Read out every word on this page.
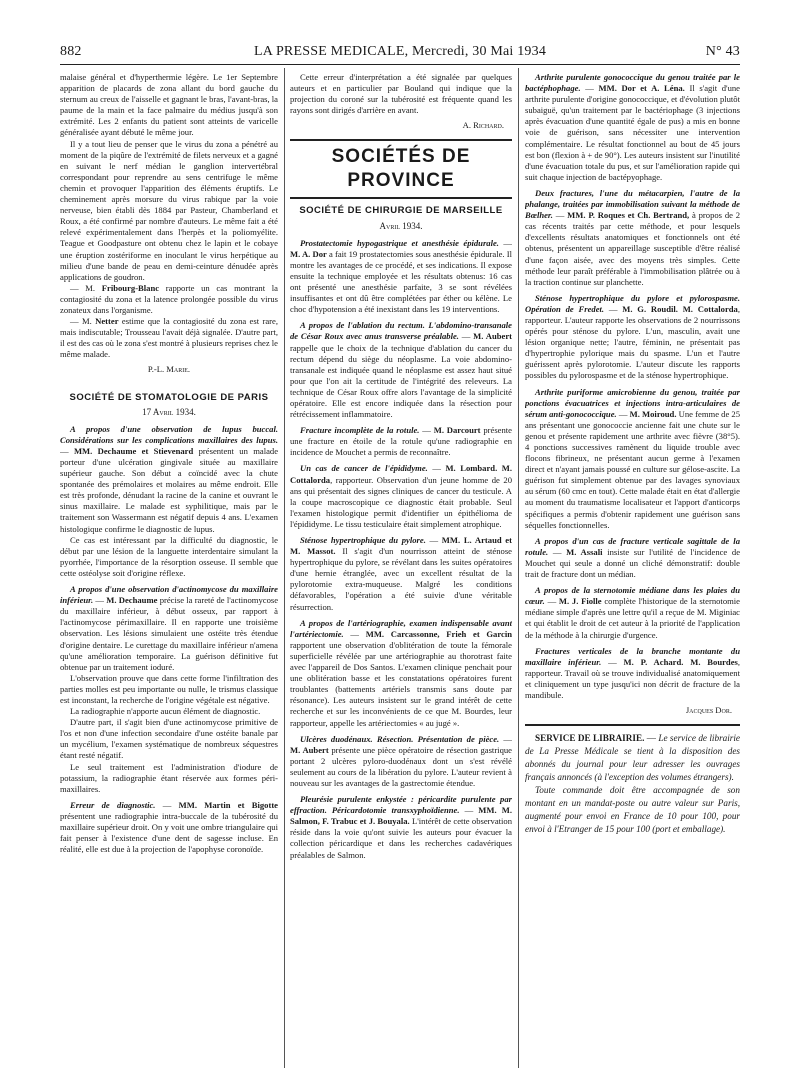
882	LA PRESSE MEDICALE, Mercredi, 30 Mai 1934	N° 43

malaise général et d'hyperthermie légère. Le 1er Septembre apparition de placards de zona allant du bord gauche du sternum au creux de l'aisselle et gagnant le bras, l'avant-bras, la paume de la main et la face palmaire du médius jusqu'à son extrémité. Les 2 enfants du patient sont atteints de varicelle généralisée ayant débuté le même jour.

Il y a tout lieu de penser que le virus du zona a pénétré au moment de la piqûre de l'extrémité de filets nerveux et a gagné en suivant le nerf médian le ganglion intervertébral correspondant pour reprendre au sens centrifuge le même chemin et provoquer l'apparition des éléments éruptifs. Le cheminement après morsure du virus rabique par la voie nerveuse, bien établi dès 1884 par Pasteur, Chamberland et Roux, a été confirmé par nombre d'auteurs. Le même fait a été relevé expérimentalement dans l'herpès et la poliomyélite. Teague et Goodpasture ont obtenu chez le lapin et le cobaye une éruption zostériforme en inoculant le virus herpétique au milieu d'une bande de peau en demi-ceinture dénudée après applications de goudron.

— M. Fribourg-Blanc rapporte un cas montrant la contagiosité du zona et la latence prolongée possible du virus zonateux dans l'organisme.

— M. Netter estime que la contagiosité du zona est rare, mais indiscutable; Trousseau l'avait déjà signalée. D'autre part, il est des cas où le zona s'est montré à plusieurs reprises chez le même malade.

P.-L. Marie.
SOCIÉTÉ DE STOMATOLOGIE DE PARIS
17 Avril 1934.

A propos d'une observation de lupus buccal. Considérations sur les complications maxillaires des lupus. — MM. Dechaume et Stievenard présentent un malade porteur d'une ulcération gingivale située au maxillaire supérieur gauche. Son début a coïncidé avec la chute spontanée des prémolaires et molaires au même endroit. Elle est très profonde, dénudant la racine de la canine et ouvrant le sinus maxillaire. Le malade est syphilitique, mais par le traitement son Wassermann est négatif depuis 4 ans. L'examen histologique confirme le diagnostic de lupus.

Ce cas est intéressant par la difficulté du diagnostic, le début par une lésion de la languette interdentaire simulant la pyorrhée, l'importance de la résorption osseuse. Il semble que cette ostéolyse soit d'origine réflexe.

A propos d'une observation d'actinomycose du maxillaire inférieur. — M. Dechaume précise la rareté de l'actinomycose du maxillaire inférieur, à début osseux, par rapport à l'actinomycose périmaxillaire. Il en rapporte une troisième observation. Les lésions simulaient une ostéite très étendue d'origine dentaire. Le curettage du maxillaire inférieur n'amena qu'une amélioration temporaire. La guérison définitive fut obtenue par un traitement ioduré.

L'observation prouve que dans cette forme l'infiltration des parties molles est peu importante ou nulle, le trismus classique est inconstant, la recherche de l'origine végétale est négative.

La radiographie n'apporte aucun élément de diagnostic.

D'autre part, il s'agit bien d'une actinomycose primitive de l'os et non d'une infection secondaire d'une ostéite banale par un mycélium, l'examen systématique de nombreux séquestres étant resté négatif.

Le seul traitement est l'administration d'iodure de potassium, la radiographie étant réservée aux formes péri-maxillaires.

Erreur de diagnostic. — MM. Martin et Bigotte présentent une radiographie intra-buccale de la tubérosité du maxillaire supérieur droit. On y voit une ombre triangulaire qui fait penser à l'existence d'une dent de sagesse incluse. En réalité, elle est due à la projection de l'apophyse coronoïde.

Cette erreur d'interprétation a été signalée par quelques auteurs et en particulier par Bouland qui indique que la projection du coroné sur la tubérosité est fréquente quand les rayons sont dirigés d'arrière en avant.

A. Richard.
SOCIÉTÉS DE PROVINCE
SOCIÉTÉ DE CHIRURGIE DE MARSEILLE
Avril 1934.

Prostatectomie hypogastrique et anesthésie épidurale. — M. A. Dor a fait 19 prostatectomies sous anesthésie épidurale. Il montre les avantages de ce procédé, et ses indications. Il expose ensuite la technique employée et les résultats obtenus: 16 cas ont présenté une anesthésie parfaite, 3 se sont révélées insuffisantes et ont dû être complétées par éther ou kélène. Le choc d'hypotension a été inexistant dans les 19 interventions.

A propos de l'ablation du rectum. L'abdomino-transanale de César Roux avec anus transverse préalable. — M. Aubert rappelle que le choix de la technique d'ablation du cancer du rectum dépend du siège du néoplasme. La voie abdomino-transanale est indiquée quand le néoplasme est assez haut situé pour que l'on ait la certitude de l'intégrité des releveurs. La technique de César Roux offre alors l'avantage de la simplicité opératoire. Elle est encore indiquée dans la résection pour rétrécissement inflammatoire.

Fracture incomplète de la rotule. — M. Darcourt présente une fracture en étoile de la rotule qu'une radiographie en incidence de Mouchet a permis de reconnaître.

Un cas de cancer de l'épididyme. — M. Lombard. M. Cottalorda, rapporteur. Observation d'un jeune homme de 20 ans qui présentait des signes cliniques de cancer du testicule. A la coupe macroscopique ce diagnostic était probable. Seul l'examen histologique permit d'identifier un épithélioma de l'épididyme. Le tissu testiculaire était simplement atrophique.

Sténose hypertrophique du pylore. — MM. L. Artaud et M. Massot. Il s'agit d'un nourrisson atteint de sténose hypertrophique du pylore, se révélant dans les suites opératoires d'une hernie étranglée, avec un excellent résultat de la pylorotomie extra-muqueuse. Malgré les conditions défavorables, l'opération a été suivie d'une véritable résurrection.

A propos de l'artériographie, examen indispensable avant l'artériectomie. — MM. Carcassonne, Frieh et Garcin rapportent une observation d'oblitération de toute la fémorale superficielle révélée par une artériographie au thorotrast faite avec l'appareil de Dos Santos. L'examen clinique penchait pour une oblitération basse et les constatations opératoires furent troublantes (battements artériels transmis sans doute par résonance). Les auteurs insistent sur le grand intérêt de cette recherche et sur les inconvénients de ce que M. Bourdes, leur rapporteur, appelle les artériectomies « au jugé ».

Ulcères duodénaux. Résection. Présentation de pièce. — M. Aubert présente une pièce opératoire de résection gastrique portant 2 ulcères pyloro-duodénaux dont un s'est révélé seulement au cours de la libération du pylore. L'auteur revient à nouveau sur les avantages de la gastrectomie étendue.

Pleurésie purulente enkystée : péricardite purulente par effraction. Péricardotomie transxyphoïdienne. — MM. M. Salmon, F. Trabuc et J. Bouyala. L'intérêt de cette observation réside dans la voie qu'ont suivie les auteurs pour évacuer la collection péricardique et dans les recherches cadavériques préalables de Salmon.

Arthrite purulente gonococcique du genou traitée par le bactéphophage. — MM. Dor et A. Léna. Il s'agit d'une arthrite purulente d'origine gonococcique, et d'évolution plutôt subaiguë, qu'un traitement par le bactériophage (3 injections après évacuation d'une quantité égale de pus) a mis en bonne voie de guérison, sans nécessiter une intervention complémentaire. Le résultat fonctionnel au bout de 45 jours est bon (flexion à + de 90°). Les auteurs insistent sur l'inutilité d'une évacuation totale du pus, et sur l'amélioration rapide qui suit chaque injection de bactépyophage.

Deux fractures, l'une du métacarpien, l'autre de la phalange, traitées par immobilisation suivant la méthode de Bœlher. — MM. P. Roques et Ch. Bertrand, à propos de 2 cas récents traités par cette méthode, et pour lesquels d'excellents résultats anatomiques et fonctionnels ont été obtenus, présentent un appareillage susceptible d'être réalisé d'une façon aisée, avec des moyens très simples. Cette méthode leur paraît préférable à l'immobilisation plâtrée ou à la traction continue sur planchette.

Sténose hypertrophique du pylore et pylorospasme. Opération de Fredet. — M. G. Roudil. M. Cottalorda, rapporteur. L'auteur rapporte les observations de 2 nourrissons opérés pour sténose du pylore. L'un, masculin, avait une lésion organique nette; l'autre, féminin, ne présentait pas d'hypertrophie pylorique mais du spasme. L'un et l'autre guérissent après pylorotomie. L'auteur discute les rapports possibles du pylorospasme et de la sténose hypertrophique.

Arthrite puriforme amicrobienne du genou, traitée par ponctions évacuatrices et injections intra-articulaires de sérum anti-gonococcique. — M. Moiroud. Une femme de 25 ans présentant une gonococcie ancienne fait une chute sur le genou et présente rapidement une arthrite avec fièvre (38°5). 4 ponctions successives ramènent du liquide trouble avec flocons fibrineux, ne présentant aucun germe à l'examen direct et n'ayant jamais poussé en culture sur gélose-ascite. La guérison fut simplement obtenue par des lavages synoviaux au sérum (60 cmc en tout). Cette malade était en état d'allergie au moment du traumatisme localisateur et l'apport d'anticorps spécifiques a permis d'obtenir rapidement une guérison sans séquelles fonctionnelles.

A propos d'un cas de fracture verticale sagittale de la rotule. — M. Assali insiste sur l'utilité de l'incidence de Mouchet qui seule a donné un cliché démonstratif: double trait de fracture dont un médian.

A propos de la sternotomie médiane dans les plaies du cœur. — M. J. Fiolle complète l'historique de la sternotomie médiane simple d'après une lettre qu'il a reçue de M. Miginiac et qui établit le droit de cet auteur à la priorité de l'application de la méthode à la chirurgie d'urgence.

Fractures verticales de la branche montante du maxillaire inférieur. — M. P. Achard. M. Bourdes, rapporteur. Travail où se trouve individualisé anatomiquement et cliniquement un type jusqu'ici non décrit de fracture de la mandibule.

Jacques Dor.

SERVICE DE LIBRAIRIE. — Le service de librairie de La Presse Médicale se tient à la disposition des abonnés du journal pour leur adresser les ouvrages français annoncés (à l'exception des volumes étrangers).

Toute commande doit être accompagnée de son montant en un mandat-poste ou autre valeur sur Paris, augmenté pour envoi en France de 10 pour 100, pour envoi à l'Etranger de 15 pour 100 (port et emballage).
